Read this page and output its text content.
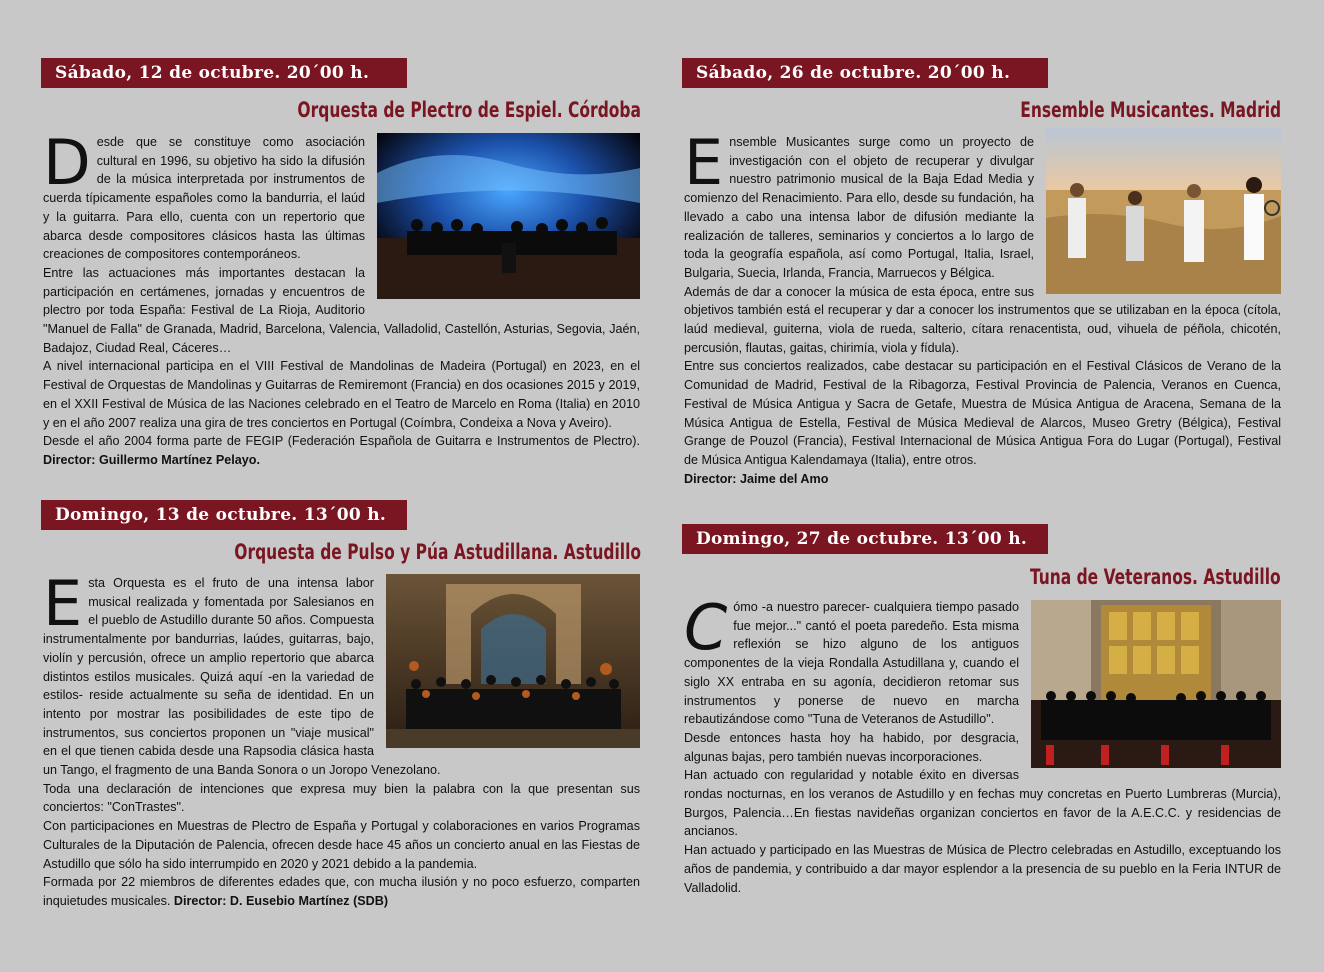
Sábado, 12 de octubre. 20´00 h.
Orquesta de Plectro de Espiel. Córdoba
D esde que se constituye como asociación cultural en 1996, su objetivo ha sido la difusión de la música interpretada por instrumentos de cuerda típicamente españoles como la bandurria, el laúd y la guitarra. Para ello, cuenta con un repertorio que abarca desde compositores clásicos hasta las últimas creaciones de compositores contemporáneos.

Entre las actuaciones más importantes destacan la participación en certámenes, jornadas y encuentros de plectro por toda España: Festival de La Rioja, Auditorio "Manuel de Falla" de Granada, Madrid, Barcelona, Valencia, Valladolid, Castellón, Asturias, Segovia, Jaén, Badajoz, Ciudad Real, Cáceres…

A nivel internacional participa en el VIII Festival de Mandolinas de Madeira (Portugal) en 2023, en el Festival de Orquestas de Mandolinas y Guitarras de Remiremont (Francia) en dos ocasiones 2015 y 2019, en el XXII Festival de Música de las Naciones celebrado en el Teatro de Marcelo en Roma (Italia) en 2010 y en el año 2007 realiza una gira de tres conciertos en Portugal (Coímbra, Condeixa a Nova y Aveiro).

Desde el año 2004 forma parte de FEGIP (Federación Española de Guitarra e Instrumentos de Plectro). Director: Guillermo Martínez Pelayo.

Domingo, 13 de octubre. 13´00 h.
Orquesta de Pulso y Púa Astudillana. Astudillo
E sta Orquesta es el fruto de una intensa labor musical realizada y fomentada por Salesianos en el pueblo de Astudillo durante 50 años. Compuesta instrumentalmente por bandurrias, laúdes, guitarras, bajo, violín y percusión, ofrece un amplio repertorio que abarca distintos estilos musicales. Quizá aquí -en la variedad de estilos- reside actualmente su seña de identidad. En un intento por mostrar las posibilidades de este tipo de instrumentos, sus conciertos proponen un "viaje musical" en el que tienen cabida desde una Rapsodia clásica hasta un Tango, el fragmento de una Banda Sonora o un Joropo Venezolano.

Toda una declaración de intenciones que expresa muy bien la palabra con la que presentan sus conciertos: "ConTrastes".

Con participaciones en Muestras de Plectro de España y Portugal y colaboraciones en varios Programas Culturales de la Diputación de Palencia, ofrecen desde hace 45 años un concierto anual en las Fiestas de Astudillo que sólo ha sido interrumpido en 2020 y 2021 debido a la pandemia.

Formada por 22 miembros de diferentes edades que, con mucha ilusión y no poco esfuerzo, comparten inquietudes musicales. Director: D. Eusebio Martínez (SDB)

Sábado, 26 de octubre. 20´00 h.
Ensemble Musicantes. Madrid
E nsemble Musicantes surge como un proyecto de investigación con el objeto de recuperar y divulgar nuestro patrimonio musical de la Baja Edad Media y comienzo del Renacimiento. Para ello, desde su fundación, ha llevado a cabo una intensa labor de difusión mediante la realización de talleres, seminarios y conciertos a lo largo de toda la geografía española, así como Portugal, Italia, Israel, Bulgaria, Suecia, Irlanda, Francia, Marruecos y Bélgica.

Además de dar a conocer la música de esta época, entre sus objetivos también está el recuperar y dar a conocer los instrumentos que se utilizaban en la época (cítola, laúd medieval, guiterna, viola de rueda, salterio, cítara renacentista, oud, vihuela de péñola, chicotén, percusión, flautas, gaitas, chirimía, viola y fídula).

Entre sus conciertos realizados, cabe destacar su participación en el Festival Clásicos de Verano de la Comunidad de Madrid, Festival de la Ribagorza, Festival Provincia de Palencia, Veranos en Cuenca, Festival de Música Antigua y Sacra de Getafe, Muestra de Música Antigua de Aracena, Semana de la Música Antigua de Estella, Festival de Música Medieval de Alarcos, Museo Gretry (Bélgica), Festival Grange de Pouzol (Francia), Festival Internacional de Música Antigua Fora do Lugar (Portugal), Festival de Música Antigua Kalendamaya (Italia), entre otros.

Director: Jaime del Amo

Domingo, 27 de octubre. 13´00 h.
Tuna de Veteranos. Astudillo
C ómo -a nuestro parecer- cualquiera tiempo pasado fue mejor..." cantó el poeta paredeño. Esta misma reflexión se hizo alguno de los antiguos componentes de la vieja Rondalla Astudillana y, cuando el siglo XX entraba en su agonía, decidieron retomar sus instrumentos y ponerse de nuevo en marcha rebautizándose como "Tuna de Veteranos de Astudillo".

Desde entonces hasta hoy ha habido, por desgracia, algunas bajas, pero también nuevas incorporaciones.

Han actuado con regularidad y notable éxito en diversas rondas nocturnas, en los veranos de Astudillo y en fechas muy concretas en Puerto Lumbreras (Murcia), Burgos, Palencia…En fiestas navideñas organizan conciertos en favor de la A.E.C.C. y residencias de ancianos.

Han actuado y participado en las Muestras de Música de Plectro celebradas en Astudillo, exceptuando los años de pandemia, y contribuido a dar mayor esplendor a la presencia de su pueblo en la Feria INTUR de Valladolid.
